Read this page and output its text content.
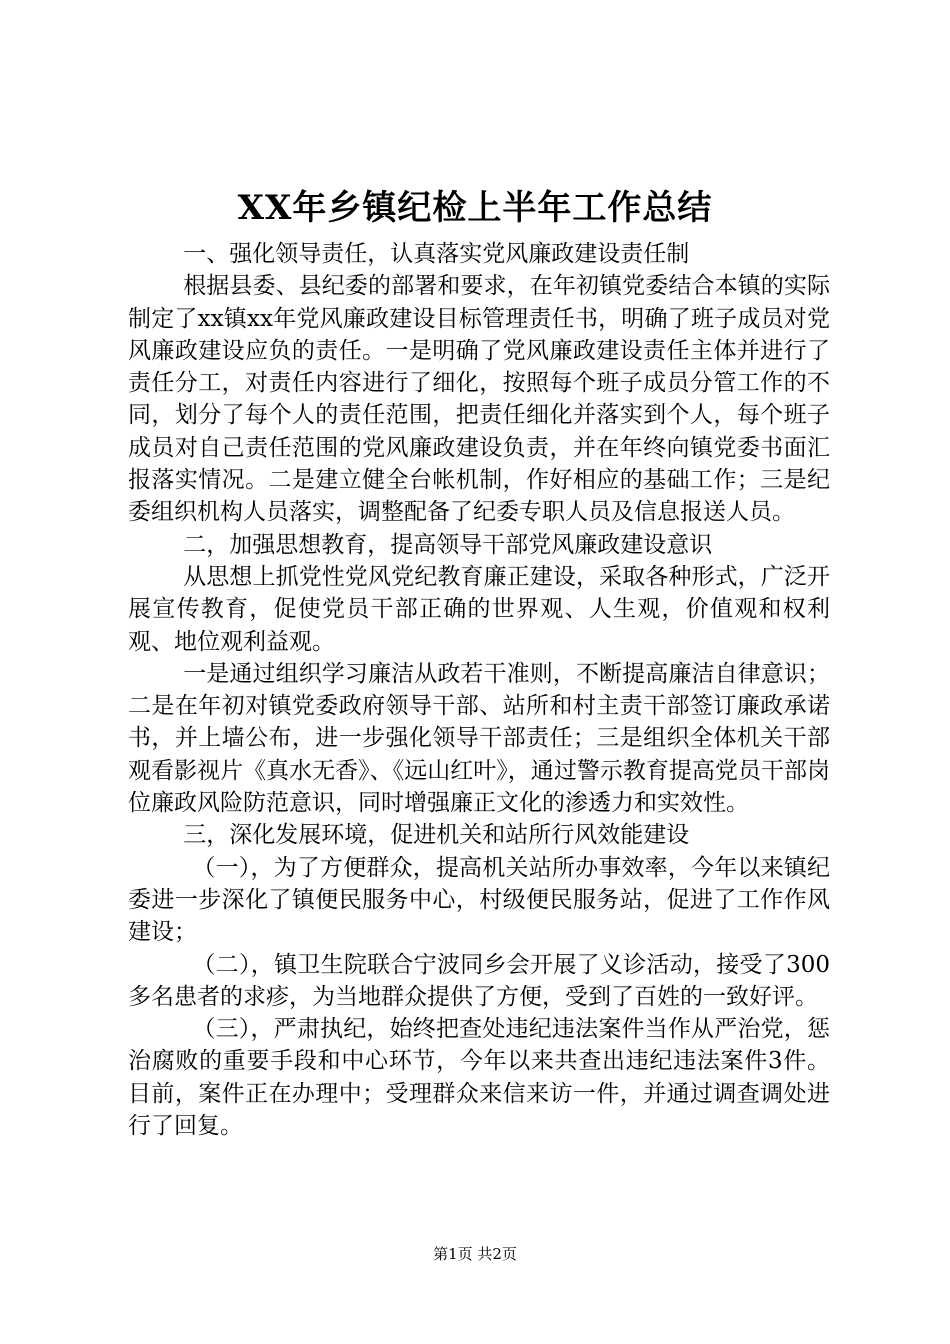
XX年乡镇纪检上半年工作总结

一、强化领导责任，认真落实党风廉政建设责任制

根据县委、县纪委的部署和要求，在年初镇党委结合本镇的实际制定了xx镇xx年党风廉政建设目标管理责任书，明确了班子成员对党风廉政建设应负的责任。一是明确了党风廉政建设责任主体并进行了责任分工，对责任内容进行了细化，按照每个班子成员分管工作的不同，划分了每个人的责任范围，把责任细化并落实到个人，每个班子成员对自己责任范围的党风廉政建设负责，并在年终向镇党委书面汇报落实情况。二是建立健全台帐机制，作好相应的基础工作；三是纪委组织机构人员落实，调整配备了纪委专职人员及信息报送人员。

二，加强思想教育，提高领导干部党风廉政建设意识

从思想上抓党性党风党纪教育廉正建设，采取各种形式，广泛开展宣传教育，促使党员干部正确的世界观、人生观，价值观和权利观、地位观利益观。

一是通过组织学习廉洁从政若干准则，不断提高廉洁自律意识；二是在年初对镇党委政府领导干部、站所和村主责干部签订廉政承诺书，并上墙公布，进一步强化领导干部责任；三是组织全体机关干部观看影视片《真水无香》、《远山红叶》，通过警示教育提高党员干部岗位廉政风险防范意识，同时增强廉正文化的渗透力和实效性。

三，深化发展环境，促进机关和站所行风效能建设

（一），为了方便群众，提高机关站所办事效率，今年以来镇纪委进一步深化了镇便民服务中心，村级便民服务站，促进了工作作风建设；

（二），镇卫生院联合宁波同乡会开展了义诊活动，接受了300多名患者的求疹，为当地群众提供了方便，受到了百姓的一致好评。

（三），严肃执纪，始终把查处违纪违法案件当作从严治党，惩治腐败的重要手段和中心环节，今年以来共查出违纪违法案件3件。目前，案件正在办理中；受理群众来信来访一件，并通过调查调处进行了回复。

第1页 共2页
